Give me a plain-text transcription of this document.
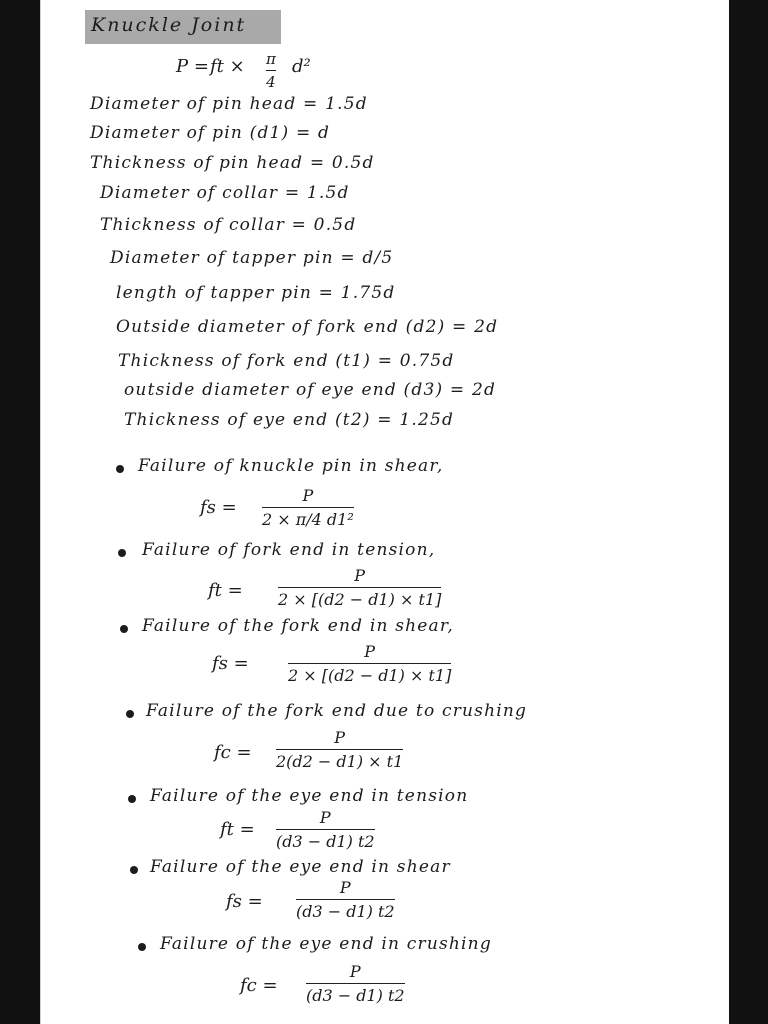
Knuckle Joint
P = ft × $\frac{\pi}{4} d^2$
Diameter of pin head = 1.5d
Diameter of pin (d1) = d
Thickness of pin head = 0.5d
Diameter of collar = 1.5d
Thickness of collar = 0.5d
Diameter of tapper pin = d/5
length of tapper pin = 1.75d
Outside diameter of fork end (d2) = 2d
Thickness of fork end (t1) = 0.75d
outside diameter of eye end (d3) = 2d
Thickness of eye end (t2) = 1.25d
Failure of knuckle pin in shear,
fs = $\frac{P}{\text{2 × π/4 d1²}}$
Failure of fork end in tension,
ft = $\frac{P}{2 \times [(d2 - d1) \times t1]}$
Failure of the fork end in shear,
fs = $\frac{P}{2 \times [(d2 - d1) \times t1]}$
Failure of the fork end due to crushing
fc = $\frac{P}{2(d2 - d1) \times t1}$
Failure of the eye end in tension
ft = $\frac{P}{(d3 - d1) t2}$
Failure of the eye end in shear
fs = $\frac{P}{(d3 - d1) t2}$
Failure of the eye end in crushing
fc = $\frac{P}{(d3 - d1) t2}$
